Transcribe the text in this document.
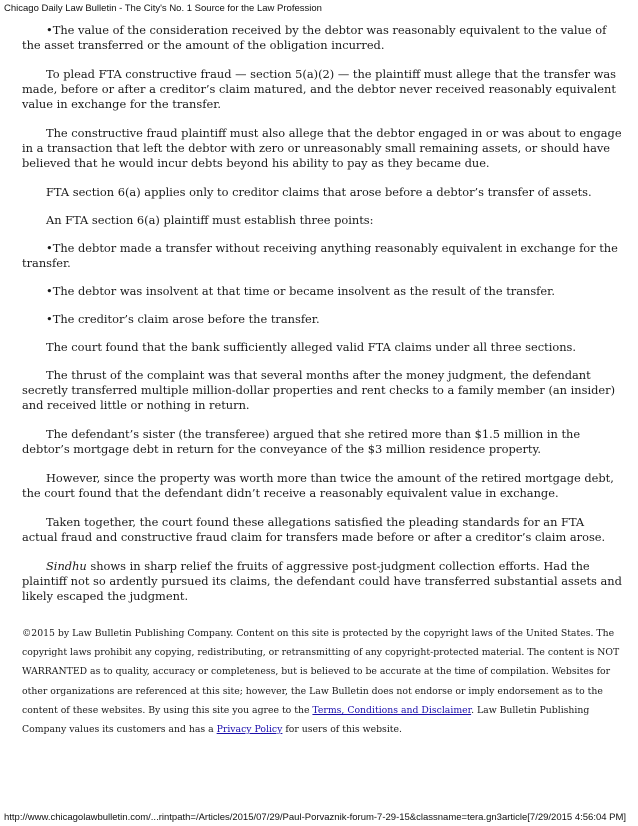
Chicago Daily Law Bulletin - The City's No. 1 Source for the Law Profession

•The value of the consideration received by the debtor was reasonably equivalent to the value of the asset transferred or the amount of the obligation incurred.

To plead FTA constructive fraud — section 5(a)(2) — the plaintiff must allege that the transfer was made, before or after a creditor’s claim matured, and the debtor never received reasonably equivalent value in exchange for the transfer.

The constructive fraud plaintiff must also allege that the debtor engaged in or was about to engage in a transaction that left the debtor with zero or unreasonably small remaining assets, or should have believed that he would incur debts beyond his ability to pay as they became due.

FTA section 6(a) applies only to creditor claims that arose before a debtor’s transfer of assets.

An FTA section 6(a) plaintiff must establish three points:

•The debtor made a transfer without receiving anything reasonably equivalent in exchange for the transfer.

•The debtor was insolvent at that time or became insolvent as the result of the transfer.

•The creditor’s claim arose before the transfer.

The court found that the bank sufficiently alleged valid FTA claims under all three sections.

The thrust of the complaint was that several months after the money judgment, the defendant secretly transferred multiple million-dollar properties and rent checks to a family member (an insider) and received little or nothing in return.

The defendant’s sister (the transferee) argued that she retired more than $1.5 million in the debtor’s mortgage debt in return for the conveyance of the $3 million residence property.

However, since the property was worth more than twice the amount of the retired mortgage debt, the court found that the defendant didn’t receive a reasonably equivalent value in exchange.

Taken together, the court found these allegations satisfied the pleading standards for an FTA actual fraud and constructive fraud claim for transfers made before or after a creditor’s claim arose.

Sindhu shows in sharp relief the fruits of aggressive post-judgment collection efforts. Had the plaintiff not so ardently pursued its claims, the defendant could have transferred substantial assets and likely escaped the judgment.

©2015 by Law Bulletin Publishing Company. Content on this site is protected by the copyright laws of the United States. The copyright laws prohibit any copying, redistributing, or retransmitting of any copyright-protected material. The content is NOT WARRANTED as to quality, accuracy or completeness, but is believed to be accurate at the time of compilation. Websites for other organizations are referenced at this site; however, the Law Bulletin does not endorse or imply endorsement as to the content of these websites. By using this site you agree to the Terms, Conditions and Disclaimer. Law Bulletin Publishing Company values its customers and has a Privacy Policy for users of this website.
http://www.chicagolawbulletin.com/...rintpath=/Articles/2015/07/29/Paul-Porvaznik-forum-7-29-15&classname=tera.gn3article[7/29/2015 4:56:04 PM]
